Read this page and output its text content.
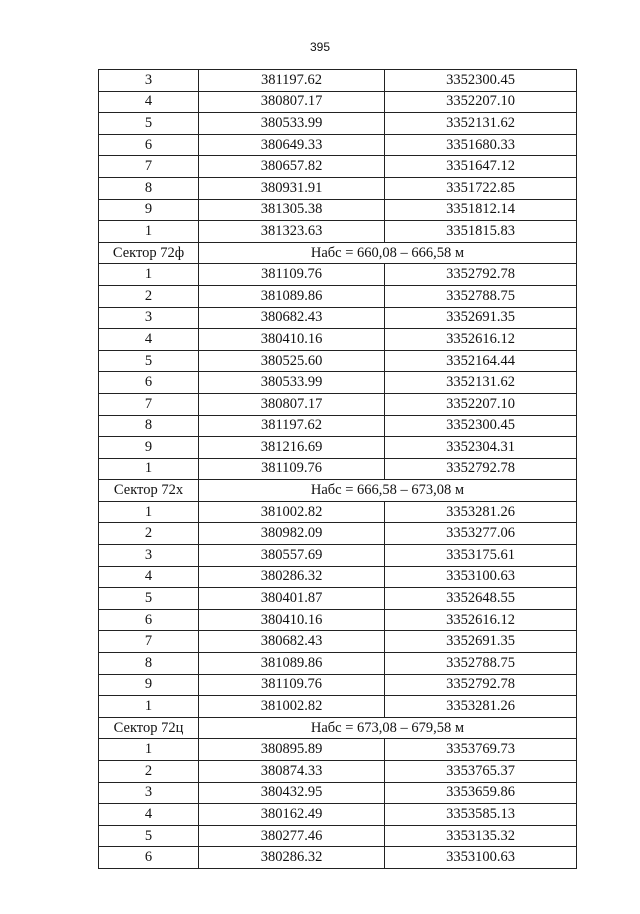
395
3	381197.62	3352300.45
4	380807.17	3352207.10
5	380533.99	3352131.62
6	380649.33	3351680.33
7	380657.82	3351647.12
8	380931.91	3351722.85
9	381305.38	3351812.14
1	381323.63	3351815.83
Сектор 72ф	Набс = 660,08 – 666,58 м	
1	381109.76	3352792.78
2	381089.86	3352788.75
3	380682.43	3352691.35
4	380410.16	3352616.12
5	380525.60	3352164.44
6	380533.99	3352131.62
7	380807.17	3352207.10
8	381197.62	3352300.45
9	381216.69	3352304.31
1	381109.76	3352792.78
Сектор 72х	Набс = 666,58 – 673,08 м	
1	381002.82	3353281.26
2	380982.09	3353277.06
3	380557.69	3353175.61
4	380286.32	3353100.63
5	380401.87	3352648.55
6	380410.16	3352616.12
7	380682.43	3352691.35
8	381089.86	3352788.75
9	381109.76	3352792.78
1	381002.82	3353281.26
Сектор 72ц	Набс = 673,08 – 679,58 м	
1	380895.89	3353769.73
2	380874.33	3353765.37
3	380432.95	3353659.86
4	380162.49	3353585.13
5	380277.46	3353135.32
6	380286.32	3353100.63
